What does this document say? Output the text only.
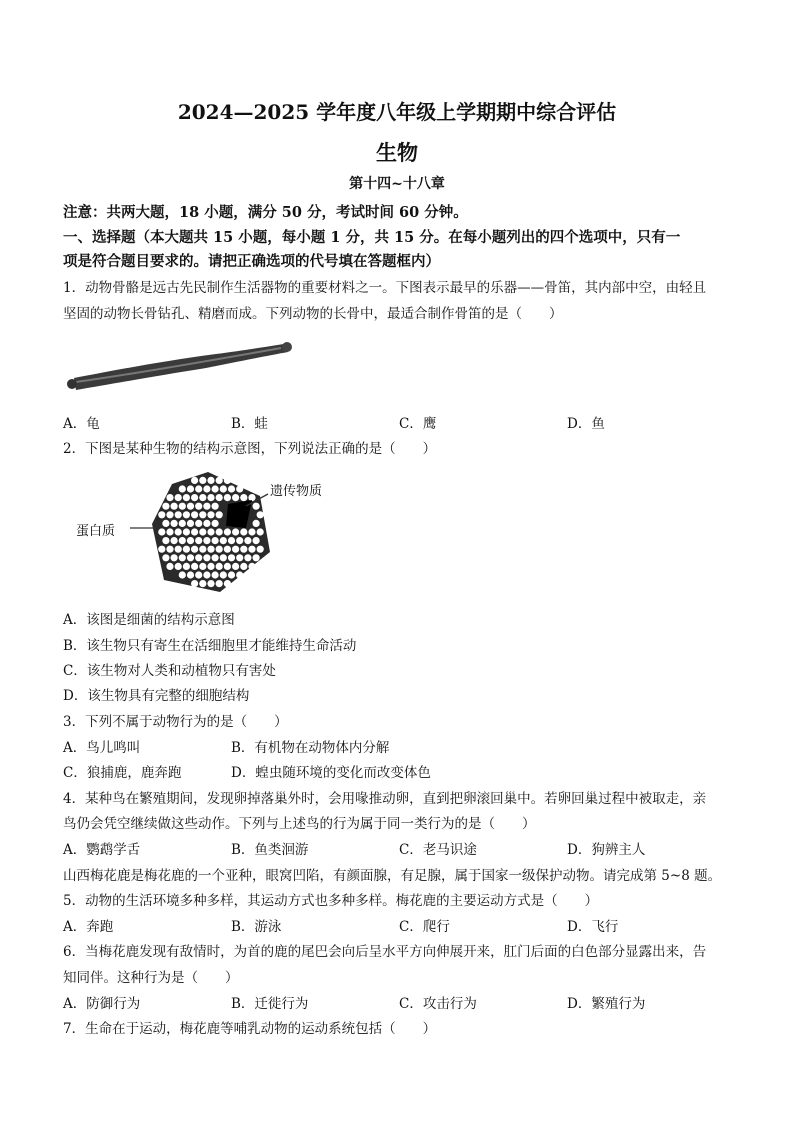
2024—2025 学年度八年级上学期期中综合评估
生物
第十四~十八章
注意：共两大题，18 小题，满分 50 分，考试时间 60 分钟。
一、选择题（本大题共 15 小题，每小题 1 分，共 15 分。在每小题列出的四个选项中，只有一
项是符合题目要求的。请把正确选项的代号填在答题框内）
1．动物骨骼是远古先民制作生活器物的重要材料之一。下图表示最早的乐器——骨笛，其内部中空，由轻且
坚固的动物长骨钻孔、精磨而成。下列动物的长骨中，最适合制作骨笛的是（　　）
A．龟	B．蛙	C．鹰	D．鱼
2．下图是某种生物的结构示意图，下列说法正确的是（　　）
遗传物质
蛋白质
A．该图是细菌的结构示意图
B．该生物只有寄生在活细胞里才能维持生命活动
C．该生物对人类和动植物只有害处
D．该生物具有完整的细胞结构
3．下列不属于动物行为的是（　　）
A．鸟儿鸣叫	B．有机物在动物体内分解
C．狼捕鹿，鹿奔跑	D．蝗虫随环境的变化而改变体色
4．某种鸟在繁殖期间，发现卵掉落巢外时，会用喙推动卵，直到把卵滚回巢中。若卵回巢过程中被取走，亲
鸟仍会凭空继续做这些动作。下列与上述鸟的行为属于同一类行为的是（　　）
A．鹦鹉学舌	B．鱼类洄游	C．老马识途	D．狗辨主人
山西梅花鹿是梅花鹿的一个亚种，眼窝凹陷，有颜面腺，有足腺，属于国家一级保护动物。请完成第 5~8 题。
5．动物的生活环境多种多样，其运动方式也多种多样。梅花鹿的主要运动方式是（　　）
A．奔跑	B．游泳	C．爬行	D．飞行
6．当梅花鹿发现有敌情时，为首的鹿的尾巴会向后呈水平方向伸展开来，肛门后面的白色部分显露出来，告
知同伴。这种行为是（　　）
A．防御行为	B．迁徙行为	C．攻击行为	D．繁殖行为
7．生命在于运动，梅花鹿等哺乳动物的运动系统包括（　　）
